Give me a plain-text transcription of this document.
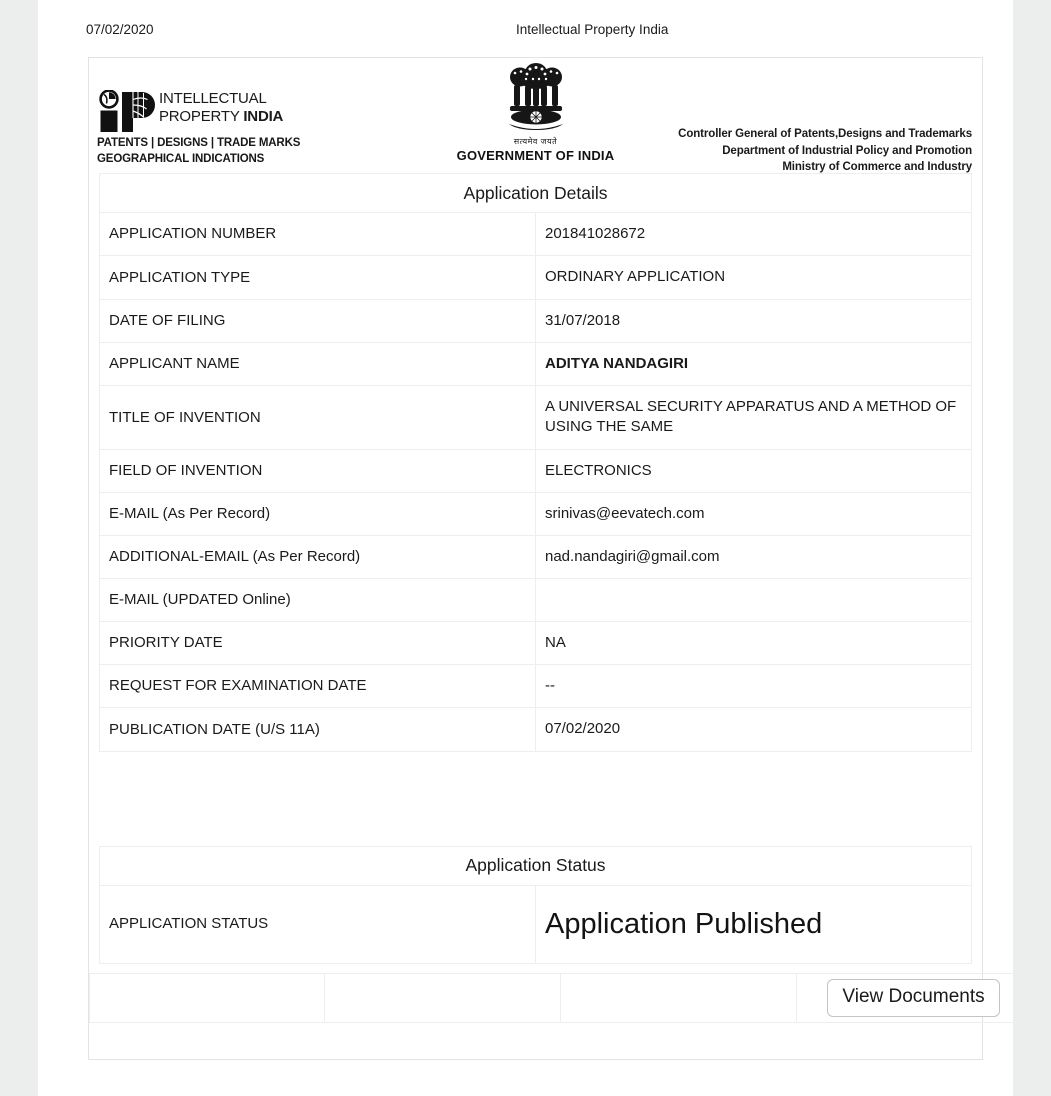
07/02/2020	Intellectual Property India
INTELLECTUAL
PROPERTY INDIA
PATENTS | DESIGNS | TRADE MARKS
GEOGRAPHICAL INDICATIONS
सत्यमेव जयते
GOVERNMENT OF INDIA
Controller General of Patents,Designs and Trademarks
Department of Industrial Policy and Promotion
Ministry of Commerce and Industry
Application Details	
APPLICATION NUMBER	201841028672
APPLICATION TYPE	ORDINARY APPLICATION
DATE OF FILING	31/07/2018
APPLICANT NAME	ADITYA NANDAGIRI
TITLE OF INVENTION	A UNIVERSAL SECURITY APPARATUS AND A METHOD OF USING THE SAME
FIELD OF INVENTION	ELECTRONICS
E-MAIL (As Per Record)	srinivas@eevatech.com
ADDITIONAL-EMAIL (As Per Record)	nad.nandagiri@gmail.com
E-MAIL (UPDATED Online)	
PRIORITY DATE	NA
REQUEST FOR EXAMINATION DATE	--
PUBLICATION DATE (U/S 11A)	07/02/2020
Application Status
APPLICATION STATUS	Application Published
			View Documents
